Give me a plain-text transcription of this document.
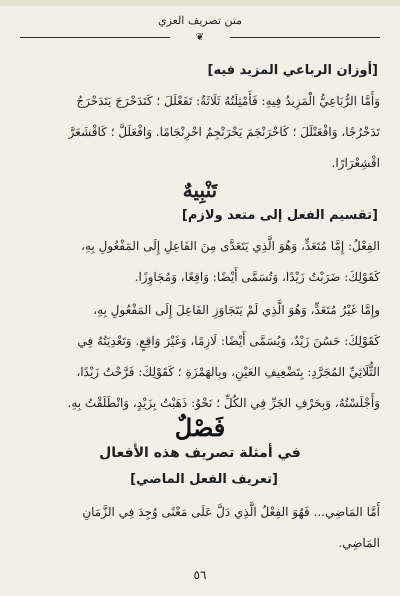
متن تصريف العزي
❦
[أوزان الرباعي المزيد فيه]
وَأَمَّا الرُّبَاعِيُّ الْمَزِيدُ فِيهِ: فَأَمْثِلَتُهُ ثَلَاثَةٌ: تَفَعْلَلَ ؛ كَتَدَحْرَجَ يَتَدَحْرَجُ
تَدَحْرُجًا، وَافْعَنْلَلَ ؛ كَاحْرَنْجَمَ يَحْرَنْجِمُ احْرِنْجَامًا. وَافْعَلَلَّ ؛ كَاقْشَعَرَّ
اقْشِعْرَارًا.
تَنْبِيهٌ
[تقسيم الفعل إلى متعد ولازم]
الفِعْلُ: إِمَّا مُتَعَدٍّ، وَهُوَ الَّذِي يَتَعَدَّى مِنَ الفَاعِلِ إِلَى المَفْعُولِ بِهِ،
كَقَوْلِكَ: ضَرَبْتُ زَيْدًا، وَتُسَمَّى أَيْضًا: وَاقِعًا، وَمُجَاوِزًا.
وإِمَّا غَيْرُ مُتَعَدٍّ، وَهُوَ الَّذِي لَمْ يَتَجَاوَزِ الفَاعِلَ إِلَى المَفْعُولِ بِهِ،
كَقَوْلِكَ: حَسُنَ زَيْدٌ، وَيُسَمَّى أَيْضًا: لَازِمًا، وَغَيْرَ وَاقِعٍ. وَتَعْدِيَتُهُ فِي
الثُّلَاثِيِّ المُجَرَّدِ: بِتَضْعِيفِ العَيْنِ، وبِالهَمْزَةِ ؛ كَقَوْلِكَ: فَرَّحْتُ زَيْدًا،
وَأَجْلَسْتُهُ، وَبِحَرْفِ الجَرِّ فِي الكُلِّ ؛ نَحْوُ: ذَهَبْتُ بِزَيْدٍ، وَانْطَلَقْتُ بِهِ.
فَصْلٌ
في أمثلة تصريف هذه الأفعال
[تعريف الفعل الماضي]
أَمَّا المَاضِي... فَهُوَ الفِعْلُ الَّذِي دَلَّ عَلَى مَعْنًى وُجِدَ فِي الزَّمَانِ
المَاضِي.
٥٦
